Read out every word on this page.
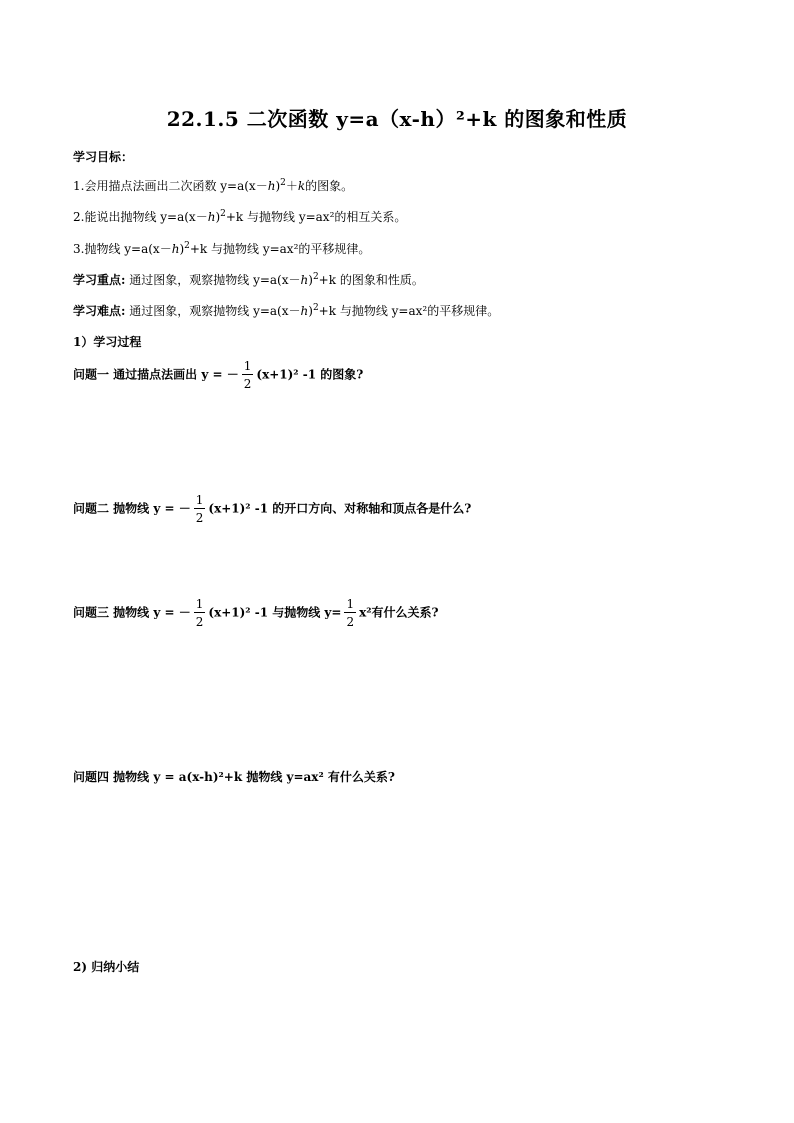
22.1.5 二次函数 y=a（x-h）²+k 的图象和性质
学习目标：
1.会用描点法画出二次函数 $y=a(x-h)^2+k$的图象。
2.能说出抛物线 $y=a(x-h)^2+k$ 与抛物线 y=ax²的相互关系。
3.抛物线 $y=a(x-h)^2+k$ 与抛物线 y=ax²的平移规律。
学习重点: 通过图象，观察抛物线 $y=a(x-h)^2+k$ 的图象和性质。
学习难点: 通过图象，观察抛物线 $y=a(x-h)^2+k$ 与抛物线 y=ax²的平移规律。
1）学习过程
问题一 通过描点法画出 y = － $\frac{1}{2} (x+1)^2$ -1 的图象?
问题二 抛物线 y = － $\frac{1}{2} (x+1)^2$ -1 的开口方向、对称轴和顶点各是什么?
问题三 抛物线 y = － $\frac{1}{2} (x+1)^2$ -1 与抛物线 $y= \frac{1}{2} x^2$有什么关系?
问题四 抛物线 y = a(x-h)²+k 抛物线 y=ax² 有什么关系?
2) 归纳小结
